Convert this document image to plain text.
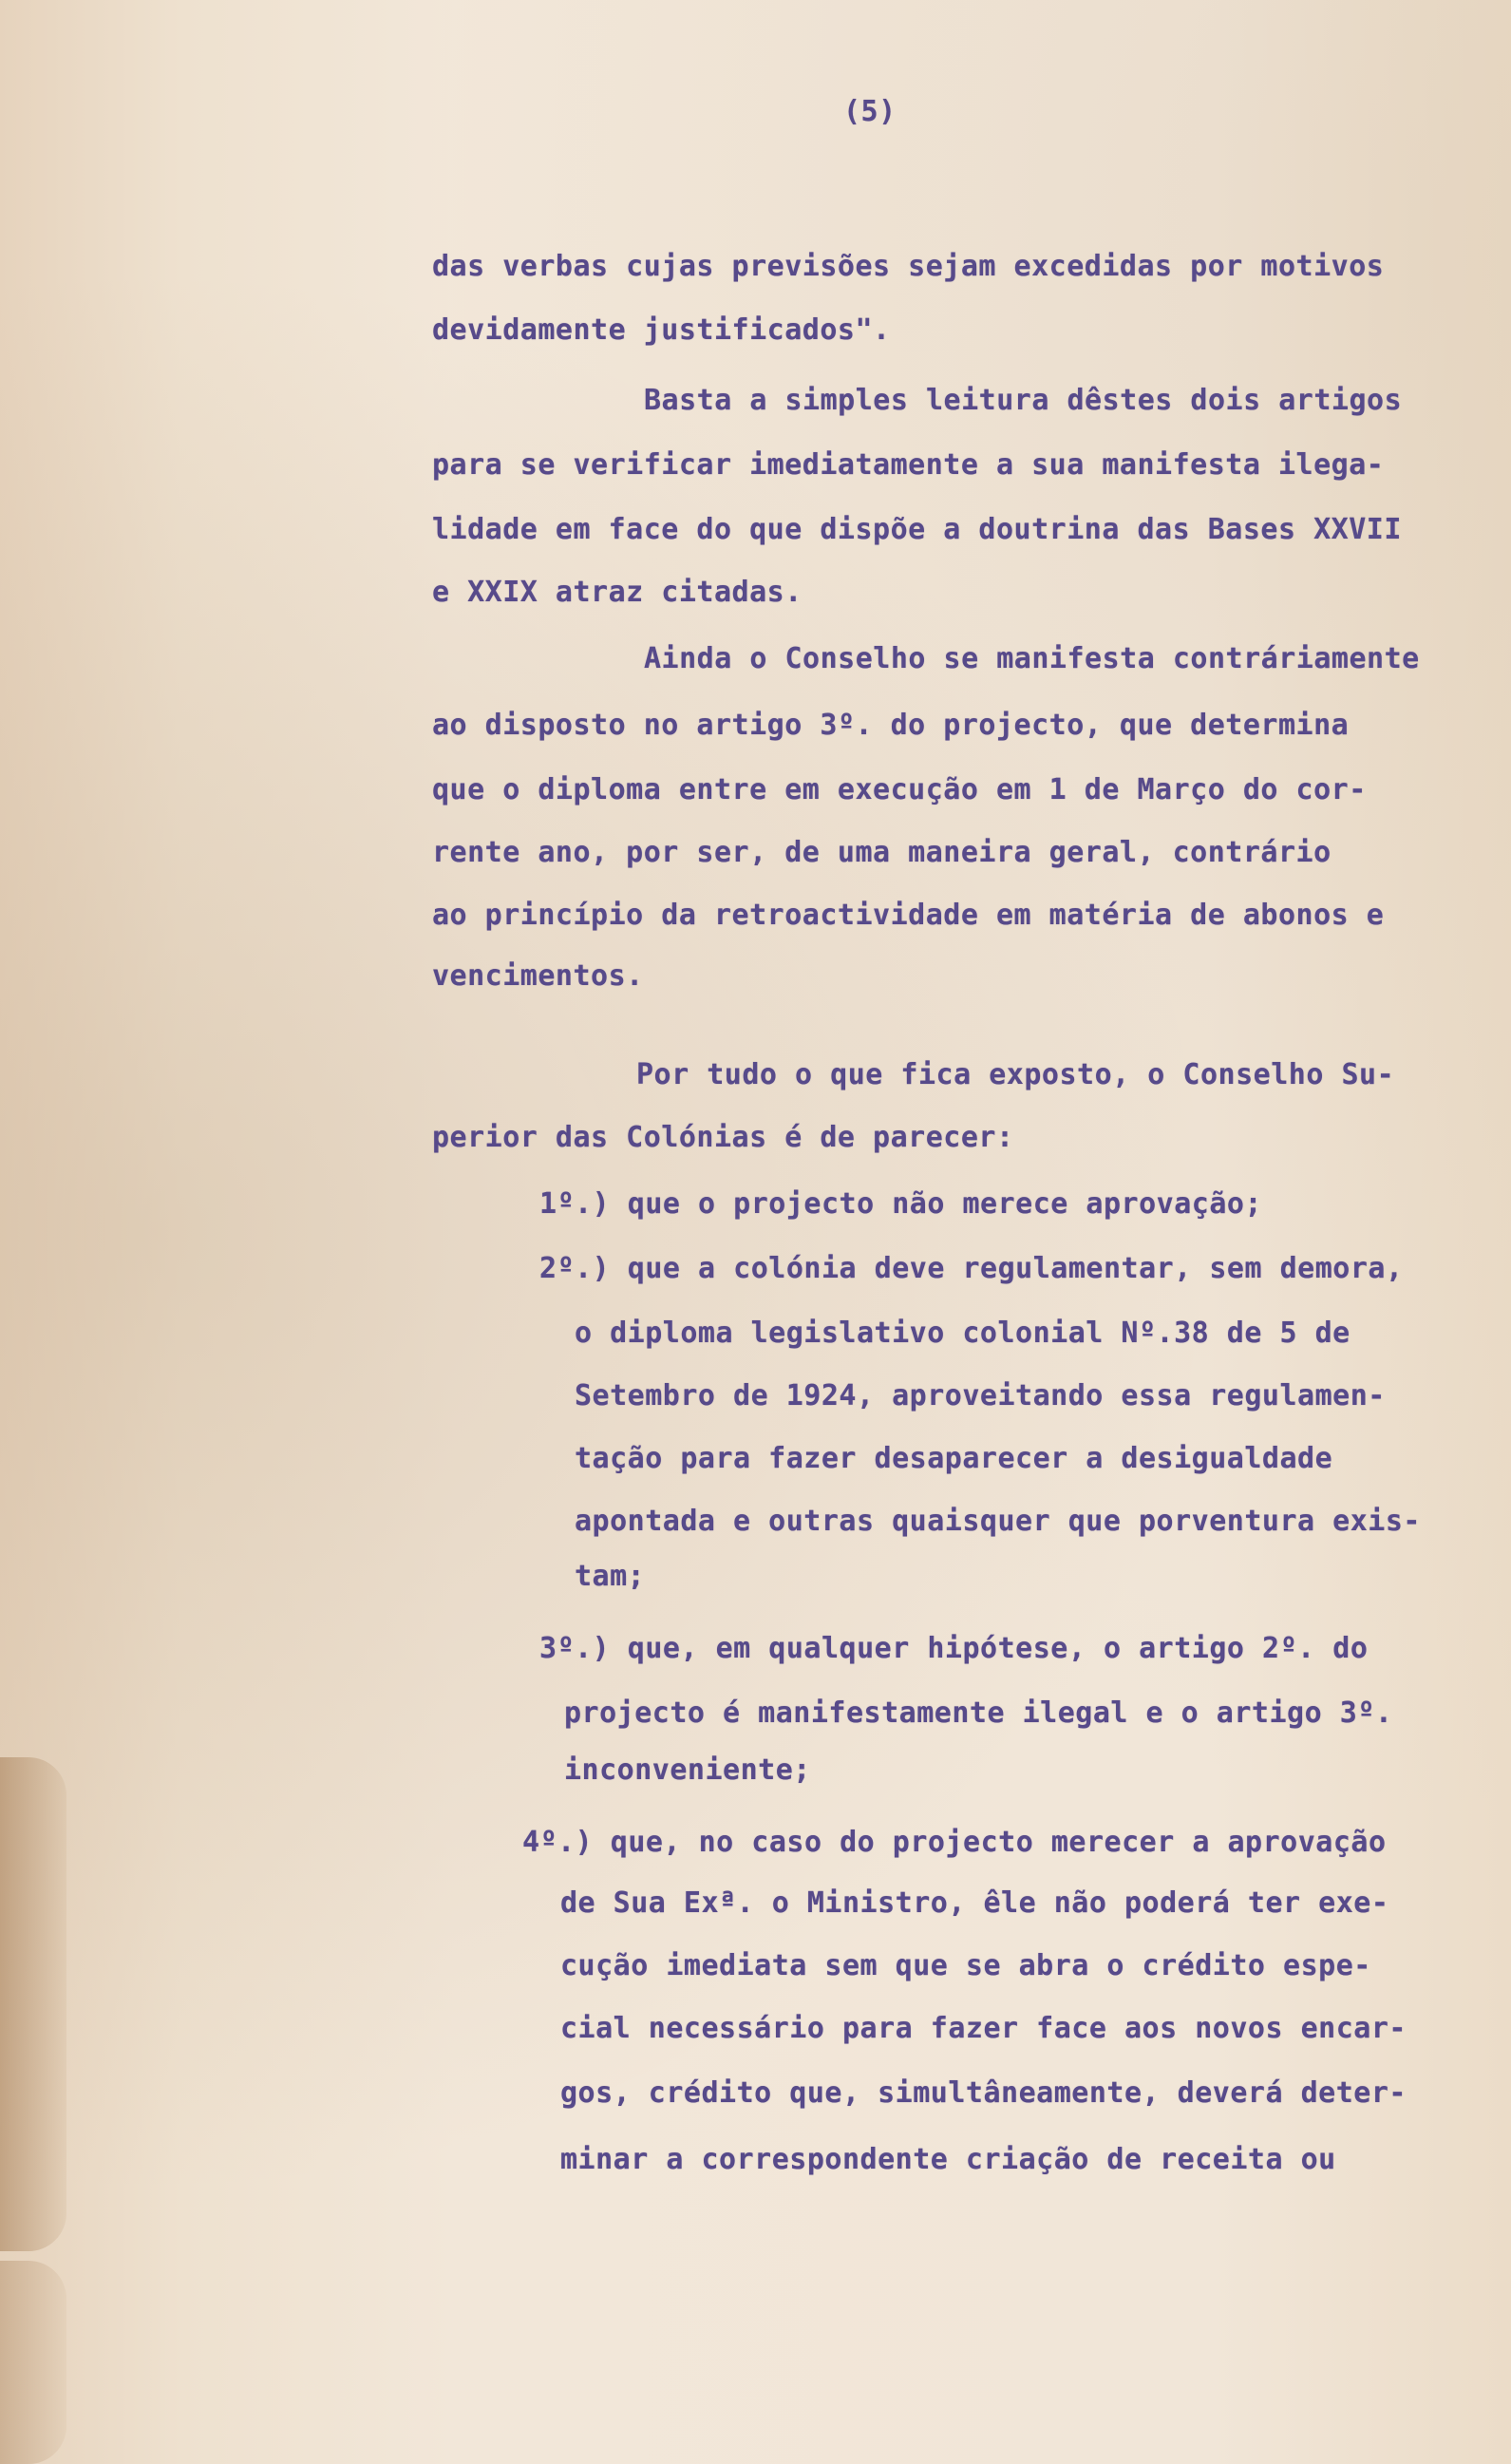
(5)

das verbas cujas previsões sejam excedidas por motivos

devidamente justificados".

Basta a simples leitura dêstes dois artigos

para se verificar imediatamente a sua manifesta ilega-

lidade em face do que dispõe a doutrina das Bases XXVII

e XXIX atraz citadas.

Ainda o Conselho se manifesta contráriamente

ao disposto no artigo 3º. do projecto, que determina

que o diploma entre em execução em 1 de Março do cor-

rente ano, por ser, de uma maneira geral, contrário

ao princípio da retroactividade em matéria de abonos e

vencimentos.

Por tudo o que fica exposto, o Conselho Su-

perior das Colónias é de parecer:

1º.) que o projecto não merece aprovação;

2º.) que a colónia deve regulamentar, sem demora,

o diploma legislativo colonial Nº.38 de 5 de

Setembro de 1924, aproveitando essa regulamen-

tação para fazer desaparecer a desigualdade

apontada e outras quaisquer que porventura exis-

tam;

3º.) que, em qualquer hipótese, o artigo 2º. do

projecto é manifestamente ilegal e o artigo 3º.

inconveniente;

4º.) que, no caso do projecto merecer a aprovação

de Sua Exª. o Ministro, êle não poderá ter exe-

cução imediata sem que se abra o crédito espe-

cial necessário para fazer face aos novos encar-

gos, crédito que, simultâneamente, deverá deter-

minar a correspondente criação de receita ou
